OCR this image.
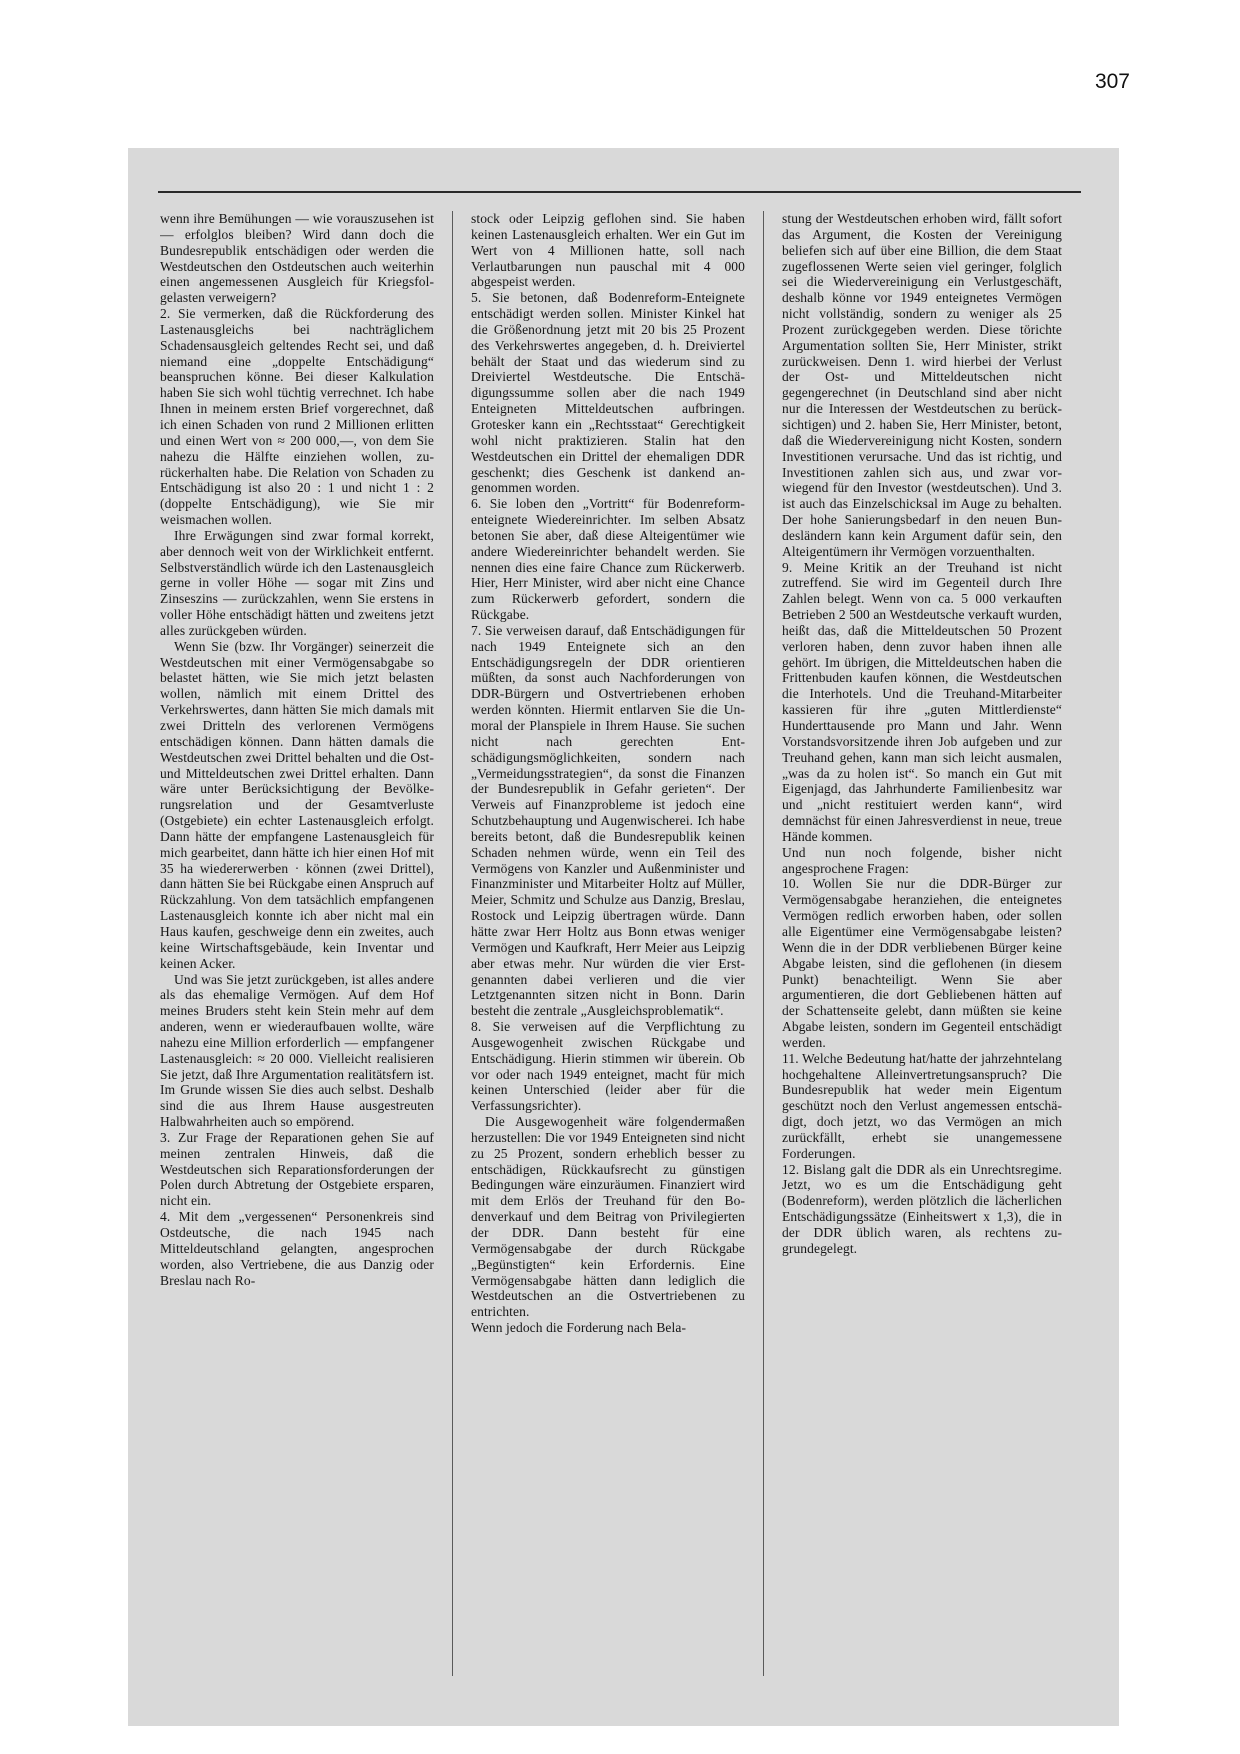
307

wenn ihre Bemühungen — wie vorauszusehen ist — erfolglos bleiben? Wird dann doch die Bundesrepublik entschädigen oder werden die Westdeutschen den Ostdeutschen auch weiterhin einen angemessenen Ausgleich für Kriegsfolgelasten verweigern?

2. Sie vermerken, daß die Rückforderung des Lastenausgleichs bei nachträglichem Schadensausgleich geltendes Recht sei, und daß niemand eine „doppelte Entschädigung“ beanspruchen könne. Bei dieser Kalkulation haben Sie sich wohl tüchtig verrechnet. Ich habe Ihnen in meinem ersten Brief vorgerechnet, daß ich einen Schaden von rund 2 Millionen erlitten und einen Wert von ≈ 200 000,—, von dem Sie nahezu die Hälfte einziehen wollen, zurückerhalten habe. Die Relation von Schaden zu Entschädigung ist also 20 : 1 und nicht 1 : 2 (doppelte Entschädigung), wie Sie mir weismachen wollen.

Ihre Erwägungen sind zwar formal korrekt, aber dennoch weit von der Wirklichkeit entfernt. Selbstverständlich würde ich den Lastenausgleich gerne in voller Höhe — sogar mit Zins und Zinseszins — zurückzahlen, wenn Sie erstens in voller Höhe entschädigt hätten und zweitens jetzt alles zurückgeben würden.

Wenn Sie (bzw. Ihr Vorgänger) seinerzeit die Westdeutschen mit einer Vermögensabgabe so belastet hätten, wie Sie mich jetzt belasten wollen, nämlich mit einem Drittel des Verkehrswertes, dann hätten Sie mich damals mit zwei Dritteln des verlorenen Vermögens entschädigen können. Dann hätten damals die Westdeutschen zwei Drittel behalten und die Ost- und Mitteldeutschen zwei Drittel erhalten. Dann wäre unter Berücksichtigung der Bevölkerungsrelation und der Gesamtverluste (Ostgebiete) ein echter Lastenausgleich erfolgt. Dann hätte der empfangene Lastenausgleich für mich gearbeitet, dann hätte ich hier einen Hof mit 35 ha wiedererwerben · können (zwei Drittel), dann hätten Sie bei Rückgabe einen Anspruch auf Rückzahlung. Von dem tatsächlich empfangenen Lastenausgleich konnte ich aber nicht mal ein Haus kaufen, geschweige denn ein zweites, auch keine Wirtschaftsgebäude, kein Inventar und keinen Acker.

Und was Sie jetzt zurückgeben, ist alles andere als das ehemalige Vermögen. Auf dem Hof meines Bruders steht kein Stein mehr auf dem anderen, wenn er wiederaufbauen wollte, wäre nahezu eine Million erforderlich — empfangener Lastenausgleich: ≈ 20 000. Vielleicht realisieren Sie jetzt, daß Ihre Argumentation realitätsfern ist. Im Grunde wissen Sie dies auch selbst. Deshalb sind die aus Ihrem Hause ausgestreuten Halbwahrheiten auch so empörend.

3. Zur Frage der Reparationen gehen Sie auf meinen zentralen Hinweis, daß die Westdeutschen sich Reparationsforderungen der Polen durch Abtretung der Ostgebiete ersparen, nicht ein.

4. Mit dem „vergessenen“ Personenkreis sind Ostdeutsche, die nach 1945 nach Mitteldeutschland gelangten, angesprochen worden, also Vertriebene, die aus Danzig oder Breslau nach Ro-

stock oder Leipzig geflohen sind. Sie haben keinen Lastenausgleich erhalten. Wer ein Gut im Wert von 4 Millionen hatte, soll nach Verlautbarungen nun pauschal mit 4 000 abgespeist werden.

5. Sie betonen, daß Bodenreform-Enteignete entschädigt werden sollen. Minister Kinkel hat die Größenordnung jetzt mit 20 bis 25 Prozent des Verkehrswertes angegeben, d. h. Dreiviertel behält der Staat und das wiederum sind zu Dreiviertel Westdeutsche. Die Entschädigungssumme sollen aber die nach 1949 Enteigneten Mitteldeutschen aufbringen. Grotesker kann ein „Rechtsstaat“ Gerechtigkeit wohl nicht praktizieren. Stalin hat den Westdeutschen ein Drittel der ehemaligen DDR geschenkt; dies Geschenk ist dankend angenommen worden.

6. Sie loben den „Vortritt“ für Bodenreform-enteignete Wiedereinrichter. Im selben Absatz betonen Sie aber, daß diese Alteigentümer wie andere Wiedereinrichter behandelt werden. Sie nennen dies eine faire Chance zum Rückerwerb. Hier, Herr Minister, wird aber nicht eine Chance zum Rückerwerb gefordert, sondern die Rückgabe.

7. Sie verweisen darauf, daß Entschädigungen für nach 1949 Enteignete sich an den Entschädigungsregeln der DDR orientieren müßten, da sonst auch Nachforderungen von DDR-Bürgern und Ostvertriebenen erhoben werden könnten. Hiermit entlarven Sie die Unmoral der Planspiele in Ihrem Hause. Sie suchen nicht nach gerechten Entschädigungsmöglichkeiten, sondern nach „Vermeidungsstrategien“, da sonst die Finanzen der Bundesrepublik in Gefahr gerieten“. Der Verweis auf Finanzprobleme ist jedoch eine Schutzbehauptung und Augenwischerei. Ich habe bereits betont, daß die Bundesrepublik keinen Schaden nehmen würde, wenn ein Teil des Vermögens von Kanzler und Außenminister und Finanzminister und Mitarbeiter Holtz auf Müller, Meier, Schmitz und Schulze aus Danzig, Breslau, Rostock und Leipzig übertragen würde. Dann hätte zwar Herr Holtz aus Bonn etwas weniger Vermögen und Kaufkraft, Herr Meier aus Leipzig aber etwas mehr. Nur würden die vier Erstgenannten dabei verlieren und die vier Letztgenannten sitzen nicht in Bonn. Darin besteht die zentrale „Ausgleichsproblematik“.

8. Sie verweisen auf die Verpflichtung zu Ausgewogenheit zwischen Rückgabe und Entschädigung. Hierin stimmen wir überein. Ob vor oder nach 1949 enteignet, macht für mich keinen Unterschied (leider aber für die Verfassungsrichter).

Die Ausgewogenheit wäre folgendermaßen herzustellen: Die vor 1949 Enteigneten sind nicht zu 25 Prozent, sondern erheblich besser zu entschädigen, Rückkaufsrecht zu günstigen Bedingungen wäre einzuräumen. Finanziert wird mit dem Erlös der Treuhand für den Bodenverkauf und dem Beitrag von Privilegierten der DDR. Dann besteht für eine Vermögensabgabe der durch Rückgabe „Begünstigten“ kein Erfordernis. Eine Vermögensabgabe hätten dann lediglich die Westdeutschen an die Ostvertriebenen zu entrichten.

Wenn jedoch die Forderung nach Bela-

stung der Westdeutschen erhoben wird, fällt sofort das Argument, die Kosten der Vereinigung beliefen sich auf über eine Billion, die dem Staat zugeflossenen Werte seien viel geringer, folglich sei die Wiedervereinigung ein Verlustgeschäft, deshalb könne vor 1949 enteignetes Vermögen nicht vollständig, sondern zu weniger als 25 Prozent zurückgegeben werden. Diese törichte Argumentation sollten Sie, Herr Minister, strikt zurückweisen. Denn 1. wird hierbei der Verlust der Ost- und Mitteldeutschen nicht gegengerechnet (in Deutschland sind aber nicht nur die Interessen der Westdeutschen zu berücksichtigen) und 2. haben Sie, Herr Minister, betont, daß die Wiedervereinigung nicht Kosten, sondern Investitionen verursache. Und das ist richtig, und Investitionen zahlen sich aus, und zwar vorwiegend für den Investor (westdeutschen). Und 3. ist auch das Einzelschicksal im Auge zu behalten. Der hohe Sanierungsbedarf in den neuen Bundesländern kann kein Argument dafür sein, den Alteigentümern ihr Vermögen vorzuenthalten.

9. Meine Kritik an der Treuhand ist nicht zutreffend. Sie wird im Gegenteil durch Ihre Zahlen belegt. Wenn von ca. 5 000 verkauften Betrieben 2 500 an Westdeutsche verkauft wurden, heißt das, daß die Mitteldeutschen 50 Prozent verloren haben, denn zuvor haben ihnen alle gehört. Im übrigen, die Mitteldeutschen haben die Frittenbuden kaufen können, die Westdeutschen die Interhotels. Und die Treuhand-Mitarbeiter kassieren für ihre „guten Mittlerdienste“ Hunderttausende pro Mann und Jahr. Wenn Vorstandsvorsitzende ihren Job aufgeben und zur Treuhand gehen, kann man sich leicht ausmalen, „was da zu holen ist“. So manch ein Gut mit Eigenjagd, das Jahrhunderte Familienbesitz war und „nicht restituiert werden kann“, wird demnächst für einen Jahresverdienst in neue, treue Hände kommen.

Und nun noch folgende, bisher nicht angesprochene Fragen:

10. Wollen Sie nur die DDR-Bürger zur Vermögensabgabe heranziehen, die enteignetes Vermögen redlich erworben haben, oder sollen alle Eigentümer eine Vermögensabgabe leisten? Wenn die in der DDR verbliebenen Bürger keine Abgabe leisten, sind die geflohenen (in diesem Punkt) benachteiligt. Wenn Sie aber argumentieren, die dort Gebliebenen hätten auf der Schattenseite gelebt, dann müßten sie keine Abgabe leisten, sondern im Gegenteil entschädigt werden.

11. Welche Bedeutung hat/hatte der jahrzehntelang hochgehaltene Alleinvertretungsanspruch? Die Bundesrepublik hat weder mein Eigentum geschützt noch den Verlust angemessen entschädigt, doch jetzt, wo das Vermögen an mich zurückfällt, erhebt sie unangemessene Forderungen.

12. Bislang galt die DDR als ein Unrechtsregime. Jetzt, wo es um die Entschädigung geht (Bodenreform), werden plötzlich die lächerlichen Entschädigungssätze (Einheitswert x 1,3), die in der DDR üblich waren, als rechtens zugrundegelegt.
